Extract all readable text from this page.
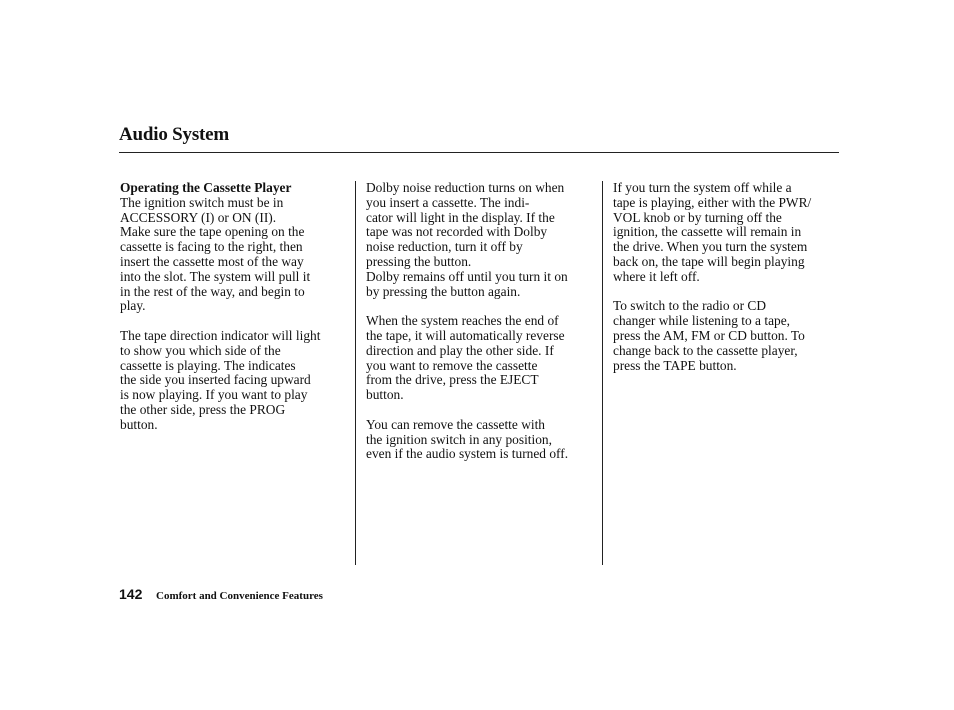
Audio System
Operating the Cassette Player

The ignition switch must be in
ACCESSORY (I) or ON (II).
Make sure the tape opening on the
cassette is facing to the right, then
insert the cassette most of the way
into the slot. The system will pull it
in the rest of the way, and begin to
play.

The tape direction indicator will light
to show you which side of the
cassette is playing. The indicates
the side you inserted facing upward
is now playing. If you want to play
the other side, press the PROG
button.

Dolby noise reduction turns on when
you insert a cassette. The indi-
cator will light in the display. If the
tape was not recorded with Dolby
noise reduction, turn it off by
pressing the button.
Dolby remains off until you turn it on
by pressing the button again.

When the system reaches the end of
the tape, it will automatically reverse
direction and play the other side. If
you want to remove the cassette
from the drive, press the EJECT
button.

You can remove the cassette with
the ignition switch in any position,
even if the audio system is turned off.

If you turn the system off while a
tape is playing, either with the PWR/
VOL knob or by turning off the
ignition, the cassette will remain in
the drive. When you turn the system
back on, the tape will begin playing
where it left off.

To switch to the radio or CD
changer while listening to a tape,
press the AM, FM or CD button. To
change back to the cassette player,
press the TAPE button.

142 Comfort and Convenience Features
